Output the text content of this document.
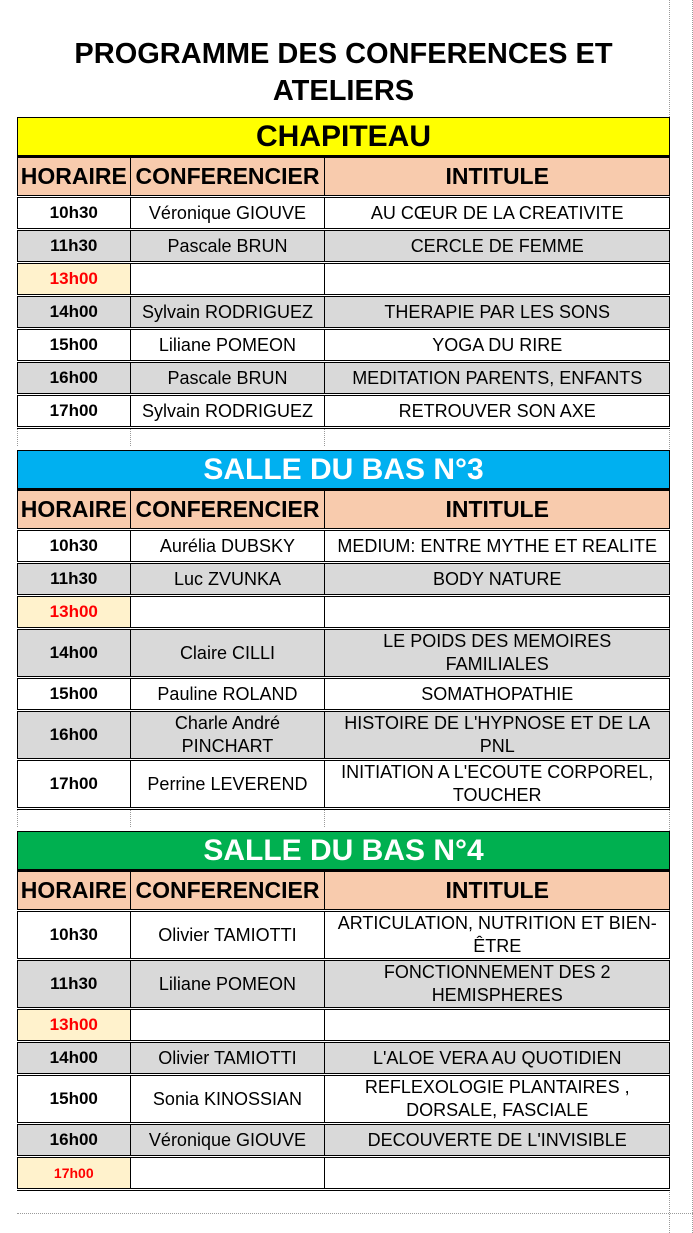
PROGRAMME DES CONFERENCES ET ATELIERS
CHAPITEAU
HORAIRE	CONFERENCIER	INTITULE
10h30	Véronique GIOUVE	AU CŒUR DE LA CREATIVITE
11h30	Pascale BRUN	CERCLE DE FEMME
13h00		
14h00	Sylvain RODRIGUEZ	THERAPIE PAR LES SONS
15h00	Liliane POMEON	YOGA DU RIRE
16h00	Pascale BRUN	MEDITATION PARENTS, ENFANTS
17h00	Sylvain RODRIGUEZ	RETROUVER SON AXE

SALLE DU BAS N°3
HORAIRE	CONFERENCIER	INTITULE
10h30	Aurélia DUBSKY	MEDIUM: ENTRE MYTHE ET REALITE
11h30	Luc ZVUNKA	BODY NATURE
13h00		
14h00	Claire CILLI	LE POIDS DES MEMOIRES
FAMILIALES

15h00	Pauline ROLAND	SOMATHOPATHIE
16h00	Charle André
PINCHART	HISTOIRE DE L'HYPNOSE ET DE LA
PNL

17h00	Perrine LEVEREND	INITIATION A L'ECOUTE CORPOREL,
TOUCHER

SALLE DU BAS N°4
HORAIRE	CONFERENCIER	INTITULE
10h30	Olivier TAMIOTTI	ARTICULATION, NUTRITION ET BIEN-
ÊTRE

11h30	Liliane POMEON	FONCTIONNEMENT DES 2
HEMISPHERES

13h00		
14h00	Olivier TAMIOTTI	L'ALOE VERA AU QUOTIDIEN
15h00	Sonia KINOSSIAN	REFLEXOLOGIE PLANTAIRES ,
DORSALE, FASCIALE

16h00	Véronique GIOUVE	DECOUVERTE DE L'INVISIBLE
17h00		
